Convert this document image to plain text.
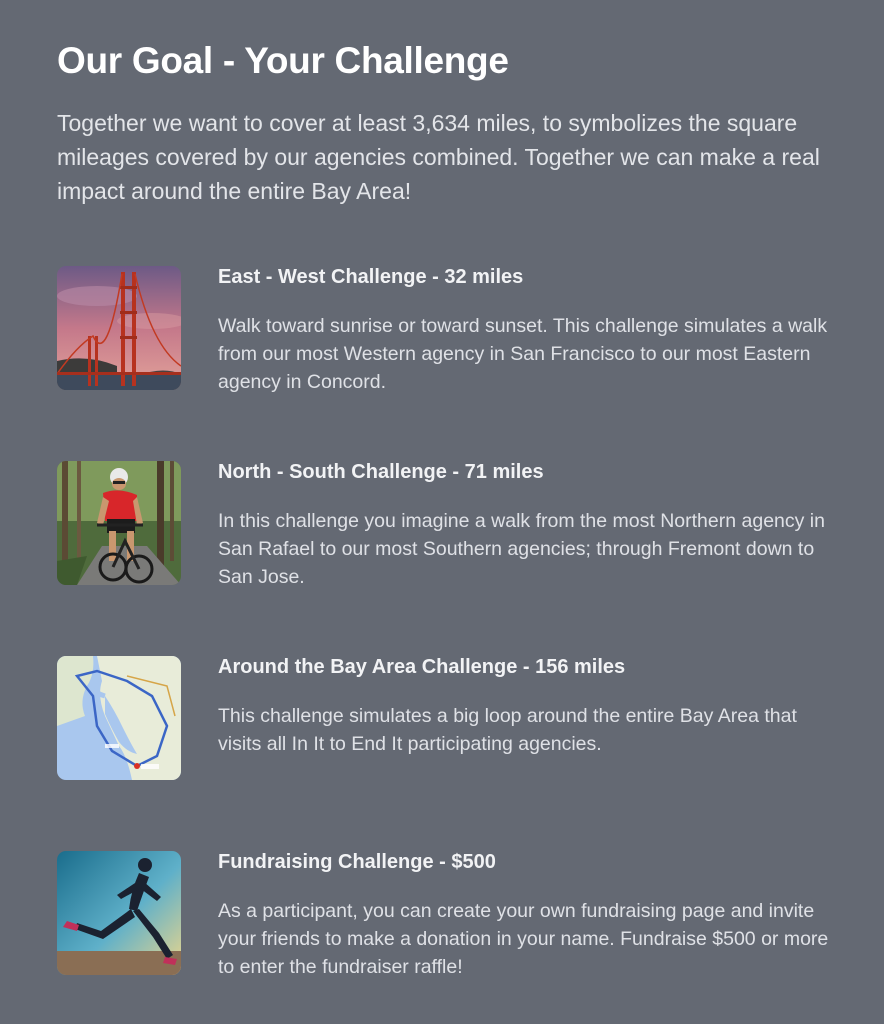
Our Goal - Your Challenge

Together we want to cover at least 3,634 miles, to symbolizes the square mileages covered by our agencies combined. Together we can make a real impact around the entire Bay Area!

East - West Challenge - 32 miles

Walk toward sunrise or toward sunset. This challenge simulates a walk from our most Western agency in San Francisco to our most Eastern agency in Concord.

North - South Challenge - 71 miles

In this challenge you imagine a walk from the most Northern agency in San Rafael to our most Southern agencies; through Fremont down to San Jose.

Around the Bay Area Challenge - 156 miles

This challenge simulates a big loop around the entire Bay Area that visits all In It to End It participating agencies.

Fundraising Challenge - $500

As a participant, you can create your own fundraising page and invite your friends to make a donation in your name. Fundraise $500 or more to enter the fundraiser raffle!
